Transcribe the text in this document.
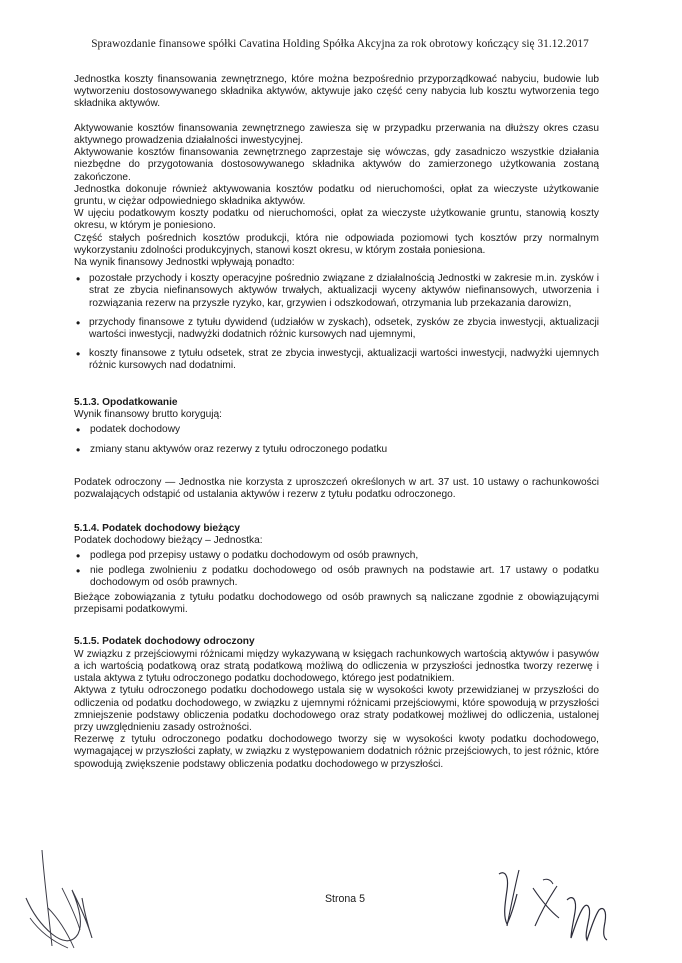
Sprawozdanie finansowe spółki Cavatina Holding Spółka Akcyjna za rok obrotowy kończący się 31.12.2017

Jednostka koszty finansowania zewnętrznego, które można bezpośrednio przyporządkować nabyciu, budowie lub wytworzeniu dostosowywanego składnika aktywów, aktywuje jako część ceny nabycia lub kosztu wytworzenia tego składnika aktywów.

Aktywowanie kosztów finansowania zewnętrznego zawiesza się w przypadku przerwania na dłuższy okres czasu aktywnego prowadzenia działalności inwestycyjnej.

Aktywowanie kosztów finansowania zewnętrznego zaprzestaje się wówczas, gdy zasadniczo wszystkie działania niezbędne do przygotowania dostosowywanego składnika aktywów do zamierzonego użytkowania zostaną zakończone.

Jednostka dokonuje również aktywowania kosztów podatku od nieruchomości, opłat za wieczyste użytkowanie gruntu, w ciężar odpowiedniego składnika aktywów.

W ujęciu podatkowym koszty podatku od nieruchomości, opłat za wieczyste użytkowanie gruntu, stanowią koszty okresu, w którym je poniesiono.

Część stałych pośrednich kosztów produkcji, która nie odpowiada poziomowi tych kosztów przy normalnym wykorzystaniu zdolności produkcyjnych, stanowi koszt okresu, w którym została poniesiona.

Na wynik finansowy Jednostki wpływają ponadto:

• pozostałe przychody i koszty operacyjne pośrednio związane z działalnością Jednostki w zakresie m.in. zysków i strat ze zbycia niefinansowych aktywów trwałych, aktualizacji wyceny aktywów niefinansowych, utworzenia i rozwiązania rezerw na przyszłe ryzyko, kar, grzywien i odszkodowań, otrzymania lub przekazania darowizn,
• przychody finansowe z tytułu dywidend (udziałów w zyskach), odsetek, zysków ze zbycia inwestycji, aktualizacji wartości inwestycji, nadwyżki dodatnich różnic kursowych nad ujemnymi,
• koszty finansowe z tytułu odsetek, strat ze zbycia inwestycji, aktualizacji wartości inwestycji, nadwyżki ujemnych różnic kursowych nad dodatnimi.

5.1.3. Opodatkowanie

Wynik finansowy brutto korygują:

• podatek dochodowy
• zmiany stanu aktywów oraz rezerwy z tytułu odroczonego podatku

Podatek odroczony — Jednostka nie korzysta z uproszczeń określonych w art. 37 ust. 10 ustawy o rachunkowości pozwalających odstąpić od ustalania aktywów i rezerw z tytułu podatku odroczonego.

5.1.4. Podatek dochodowy bieżący

Podatek dochodowy bieżący – Jednostka:

• podlega pod przepisy ustawy o podatku dochodowym od osób prawnych,
• nie podlega zwolnieniu z podatku dochodowego od osób prawnych na podstawie art. 17 ustawy o podatku dochodowym od osób prawnych.

Bieżące zobowiązania z tytułu podatku dochodowego od osób prawnych są naliczane zgodnie z obowiązującymi przepisami podatkowymi.

5.1.5. Podatek dochodowy odroczony

W związku z przejściowymi różnicami między wykazywaną w księgach rachunkowych wartością aktywów i pasywów a ich wartością podatkową oraz stratą podatkową możliwą do odliczenia w przyszłości jednostka tworzy rezerwę i ustala aktywa z tytułu odroczonego podatku dochodowego, którego jest podatnikiem.

Aktywa z tytułu odroczonego podatku dochodowego ustala się w wysokości kwoty przewidzianej w przyszłości do odliczenia od podatku dochodowego, w związku z ujemnymi różnicami przejściowymi, które spowodują w przyszłości zmniejszenie podstawy obliczenia podatku dochodowego oraz straty podatkowej możliwej do odliczenia, ustalonej przy uwzględnieniu zasady ostrożności.

Rezerwę z tytułu odroczonego podatku dochodowego tworzy się w wysokości kwoty podatku dochodowego, wymagającej w przyszłości zapłaty, w związku z występowaniem dodatnich różnic przejściowych, to jest różnic, które spowodują zwiększenie podstawy obliczenia podatku dochodowego w przyszłości.

Strona 5
